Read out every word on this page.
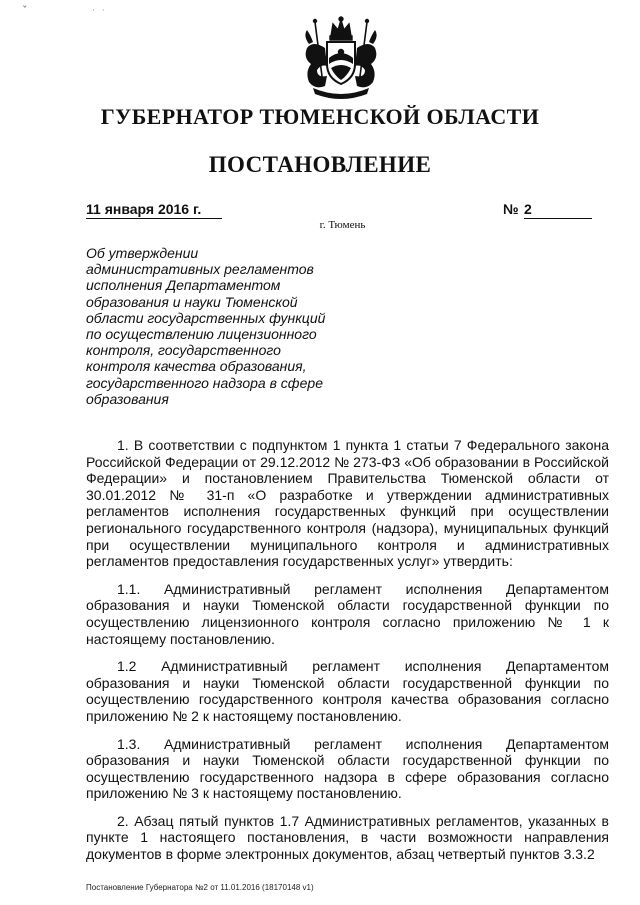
ˇ	· ·
ГУБЕРНАТОР ТЮМЕНСКОЙ ОБЛАСТИ
ПОСТАНОВЛЕНИЕ
11 января 2016 г.	№ 2
г. Тюмень
Об утверждении
административных регламентов
исполнения Департаментом
образования и науки Тюменской
области государственных функций
по осуществлению лицензионного
контроля, государственного
контроля качества образования,
государственного надзора в сфере
образования

1. В соответствии с подпунктом 1 пункта 1 статьи 7 Федерального закона Российской Федерации от 29.12.2012 № 273-ФЗ «Об образовании в Российской Федерации» и постановлением Правительства Тюменской области от 30.01.2012 № 31-п «О разработке и утверждении административных регламентов исполнения государственных функций при осуществлении регионального государственного контроля (надзора), муниципальных функций при осуществлении муниципального контроля и административных регламентов предоставления государственных услуг» утвердить:

1.1. Административный регламент исполнения Департаментом образования и науки Тюменской области государственной функции по осуществлению лицензионного контроля согласно приложению № 1 к настоящему постановлению.

1.2 Административный регламент исполнения Департаментом образования и науки Тюменской области государственной функции по осуществлению государственного контроля качества образования согласно приложению № 2 к настоящему постановлению.

1.3. Административный регламент исполнения Департаментом образования и науки Тюменской области государственной функции по осуществлению государственного надзора в сфере образования согласно приложению № 3 к настоящему постановлению.

2. Абзац пятый пунктов 1.7 Административных регламентов, указанных в пункте 1 настоящего постановления, в части возможности направления документов в форме электронных документов, абзац четвертый пунктов 3.3.2

Постановление Губернатора №2 от 11.01.2016 (18170148 v1)
